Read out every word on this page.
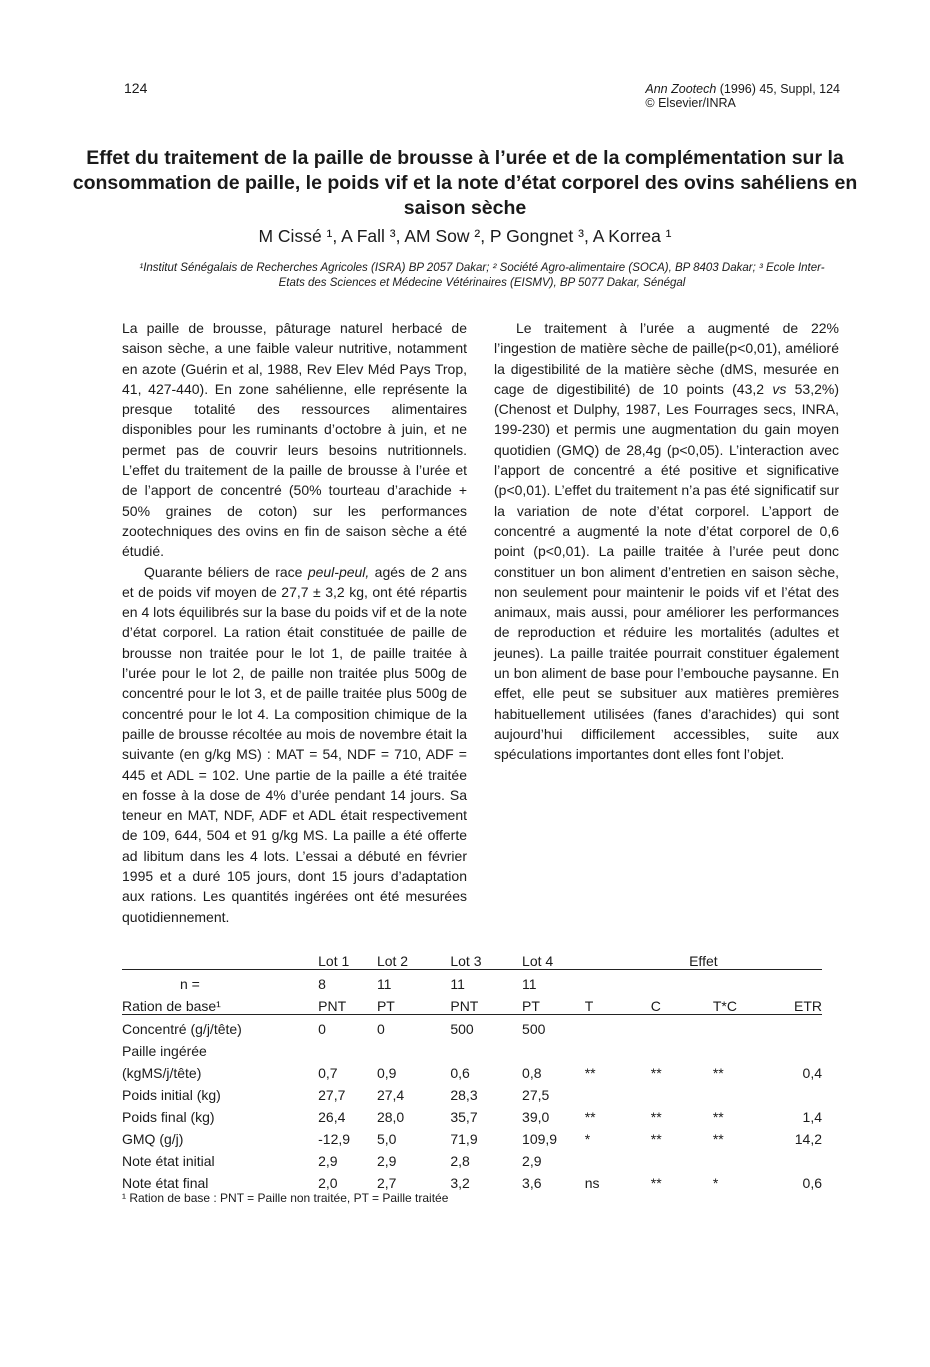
124	Ann Zootech (1996) 45, Suppl, 124
© Elsevier/INRA
Effet du traitement de la paille de brousse à l’urée et de la complémentation sur la consommation de paille, le poids vif et la note d’état corporel des ovins sahéliens en saison sèche
M Cissé ¹, A Fall ³, AM Sow ², P Gongnet ³, A Korrea ¹
¹Institut Sénégalais de Recherches Agricoles (ISRA) BP 2057 Dakar; ² Société Agro-alimentaire (SOCA), BP 8403 Dakar; ³ Ecole Inter-Etats des Sciences et Médecine Vétérinaires (EISMV), BP 5077 Dakar, Sénégal

La paille de brousse, pâturage naturel herbacé de saison sèche, a une faible valeur nutritive, notamment en azote (Guérin et al, 1988, Rev Elev Méd Pays Trop, 41, 427-440). En zone sahélienne, elle représente la presque totalité des ressources alimentaires disponibles pour les ruminants d’octobre à juin, et ne permet pas de couvrir leurs besoins nutritionnels. L’effet du traitement de la paille de brousse à l’urée et de l’apport de concentré (50% tourteau d’arachide + 50% graines de coton) sur les performances zootechniques des ovins en fin de saison sèche a été étudié.

Quarante béliers de race peul-peul, agés de 2 ans et de poids vif moyen de 27,7 ± 3,2 kg, ont été répartis en 4 lots équilibrés sur la base du poids vif et de la note d’état corporel. La ration était constituée de paille de brousse non traitée pour le lot 1, de paille traitée à l’urée pour le lot 2, de paille non traitée plus 500g de concentré pour le lot 3, et de paille traitée plus 500g de concentré pour le lot 4. La composition chimique de la paille de brousse récoltée au mois de novembre était la suivante (en g/kg MS) : MAT = 54, NDF = 710, ADF = 445 et ADL = 102. Une partie de la paille a été traitée en fosse à la dose de 4% d’urée pendant 14 jours. Sa teneur en MAT, NDF, ADF et ADL était respectivement de 109, 644, 504 et 91 g/kg MS. La paille a été offerte ad libitum dans les 4 lots. L’essai a débuté en février 1995 et a duré 105 jours, dont 15 jours d’adaptation aux rations. Les quantités ingérées ont été mesurées quotidiennement.

Le traitement à l’urée a augmenté de 22% l’ingestion de matière sèche de paille(p<0,01), amélioré la digestibilité de la matière sèche (dMS, mesurée en cage de digestibilité) de 10 points (43,2 vs 53,2%) (Chenost et Dulphy, 1987, Les Fourrages secs, INRA, 199-230) et permis une augmentation du gain moyen quotidien (GMQ) de 28,4g (p<0,05). L’interaction avec l’apport de concentré a été positive et significative (p<0,01). L’effet du traitement n’a pas été significatif sur la variation de note d’état corporel. L’apport de concentré a augmenté la note d’état corporel de 0,6 point (p<0,01). La paille traitée à l’urée peut donc constituer un bon aliment d’entretien en saison sèche, non seulement pour maintenir le poids vif et l’état des animaux, mais aussi, pour améliorer les performances de reproduction et réduire les mortalités (adultes et jeunes). La paille traitée pourrait constituer également un bon aliment de base pour l’embouche paysanne. En effet, elle peut se subsituer aux matières premières habituellement utilisées (fanes d’arachides) qui sont aujourd’hui difficilement accessibles, suite aux spéculations importantes dont elles font l’objet.

	Lot 1	Lot 2	Lot 3	Lot 4	Effet			
n =	8	11	11	11				
Ration de base¹	PNT	PT	PNT	PT	T	C	T*C	ETR
Concentré (g/j/tête)	0	0	500	500				
Paille ingérée								
(kgMS/j/tête)	0,7	0,9	0,6	0,8	**	**	**	0,4
Poids initial (kg)	27,7	27,4	28,3	27,5				
Poids final (kg)	26,4	28,0	35,7	39,0	**	**	**	1,4
GMQ (g/j)	-12,9	5,0	71,9	109,9	*	**	**	14,2
Note état initial	2,9	2,9	2,8	2,9				
Note état final	2,0	2,7	3,2	3,6	ns	**	*	0,6
¹ Ration de base : PNT = Paille non traitée, PT = Paille traitée
